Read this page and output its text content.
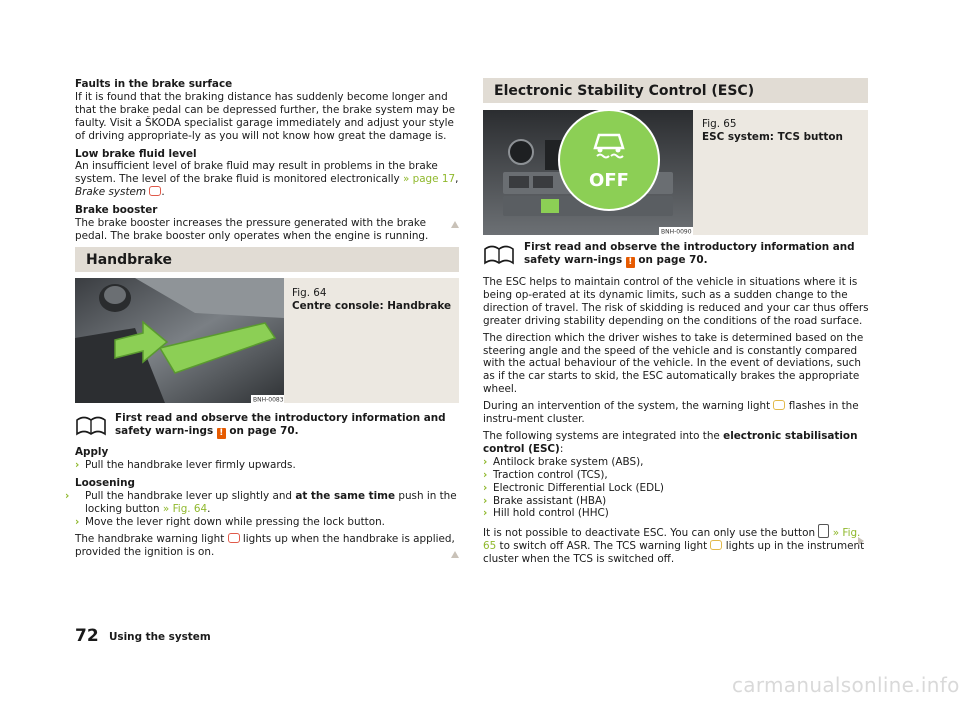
Faults in the brake surface

If it is found that the braking distance has suddenly become longer and that the brake pedal can be depressed further, the brake system may be faulty. Visit a ŠKODA specialist garage immediately and adjust your style of driving appropriate-ly as you will not know how great the damage is.

Low brake fluid level

An insufficient level of brake fluid may result in problems in the brake system. The level of the brake fluid is monitored electronically » page 17, Brake system .

Brake booster

The brake booster increases the pressure generated with the brake pedal. The brake booster only operates when the engine is running.

Handbrake
BNH-0083
Fig. 64
Centre console: Handbrake

First read and observe the introductory information and safety warn-ings ! on page 70.

Apply

› Pull the handbrake lever firmly upwards.

Loosening

› Pull the handbrake lever up slightly and at the same time push in the locking button » Fig. 64.

› Move the lever right down while pressing the lock button.

The handbrake warning light  lights up when the handbrake is applied, provided the ignition is on.

Electronic Stability Control (ESC)
OFF
BNH-0090
Fig. 65
ESC system: TCS button

First read and observe the introductory information and safety warn-ings ! on page 70.

The ESC helps to maintain control of the vehicle in situations where it is being op-erated at its dynamic limits, such as a sudden change to the direction of travel. The risk of skidding is reduced and your car thus offers greater driving stability depending on the conditions of the road surface.

The direction which the driver wishes to take is determined based on the steering angle and the speed of the vehicle and is constantly compared with the actual behaviour of the vehicle. In the event of deviations, such as if the car starts to skid, the ESC automatically brakes the appropriate wheel.

During an intervention of the system, the warning light  flashes in the instru-ment cluster.

The following systems are integrated into the electronic stabilisation control (ESC):

› Antilock brake system (ABS),

› Traction control (TCS),

› Electronic Differential Lock (EDL)

› Brake assistant (HBA)

› Hill hold control (HHC)

It is not possible to deactivate ESC. You can only use the button  » Fig. 65 to switch off ASR. The TCS warning light  lights up in the instrument cluster when the TCS is switched off.

72 Using the system
carmanualsonline.info
